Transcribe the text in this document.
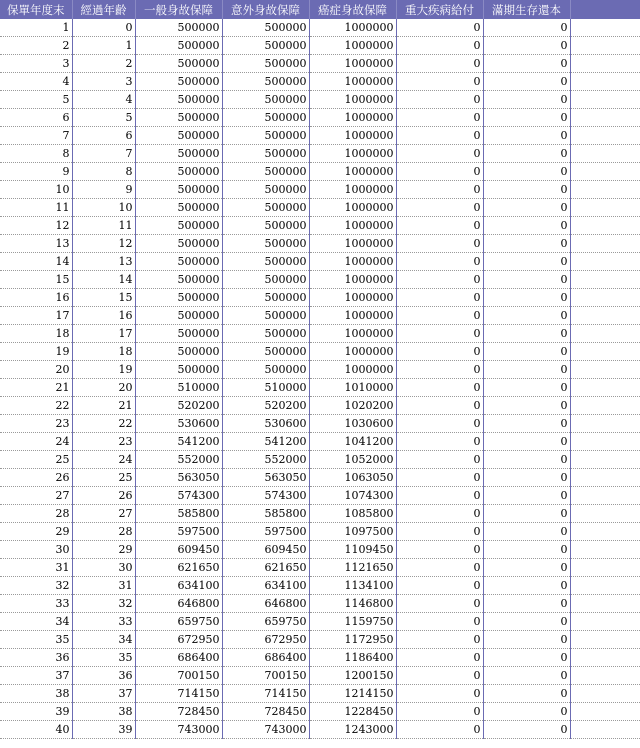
保單年度末	經過年齡	一般身故保障	意外身故保障	癌症身故保障	重大疾病給付	滿期生存還本	
1	0	500000	500000	1000000	0	0	
2	1	500000	500000	1000000	0	0	
3	2	500000	500000	1000000	0	0	
4	3	500000	500000	1000000	0	0	
5	4	500000	500000	1000000	0	0	
6	5	500000	500000	1000000	0	0	
7	6	500000	500000	1000000	0	0	
8	7	500000	500000	1000000	0	0	
9	8	500000	500000	1000000	0	0	
10	9	500000	500000	1000000	0	0	
11	10	500000	500000	1000000	0	0	
12	11	500000	500000	1000000	0	0	
13	12	500000	500000	1000000	0	0	
14	13	500000	500000	1000000	0	0	
15	14	500000	500000	1000000	0	0	
16	15	500000	500000	1000000	0	0	
17	16	500000	500000	1000000	0	0	
18	17	500000	500000	1000000	0	0	
19	18	500000	500000	1000000	0	0	
20	19	500000	500000	1000000	0	0	
21	20	510000	510000	1010000	0	0	
22	21	520200	520200	1020200	0	0	
23	22	530600	530600	1030600	0	0	
24	23	541200	541200	1041200	0	0	
25	24	552000	552000	1052000	0	0	
26	25	563050	563050	1063050	0	0	
27	26	574300	574300	1074300	0	0	
28	27	585800	585800	1085800	0	0	
29	28	597500	597500	1097500	0	0	
30	29	609450	609450	1109450	0	0	
31	30	621650	621650	1121650	0	0	
32	31	634100	634100	1134100	0	0	
33	32	646800	646800	1146800	0	0	
34	33	659750	659750	1159750	0	0	
35	34	672950	672950	1172950	0	0	
36	35	686400	686400	1186400	0	0	
37	36	700150	700150	1200150	0	0	
38	37	714150	714150	1214150	0	0	
39	38	728450	728450	1228450	0	0	
40	39	743000	743000	1243000	0	0	
